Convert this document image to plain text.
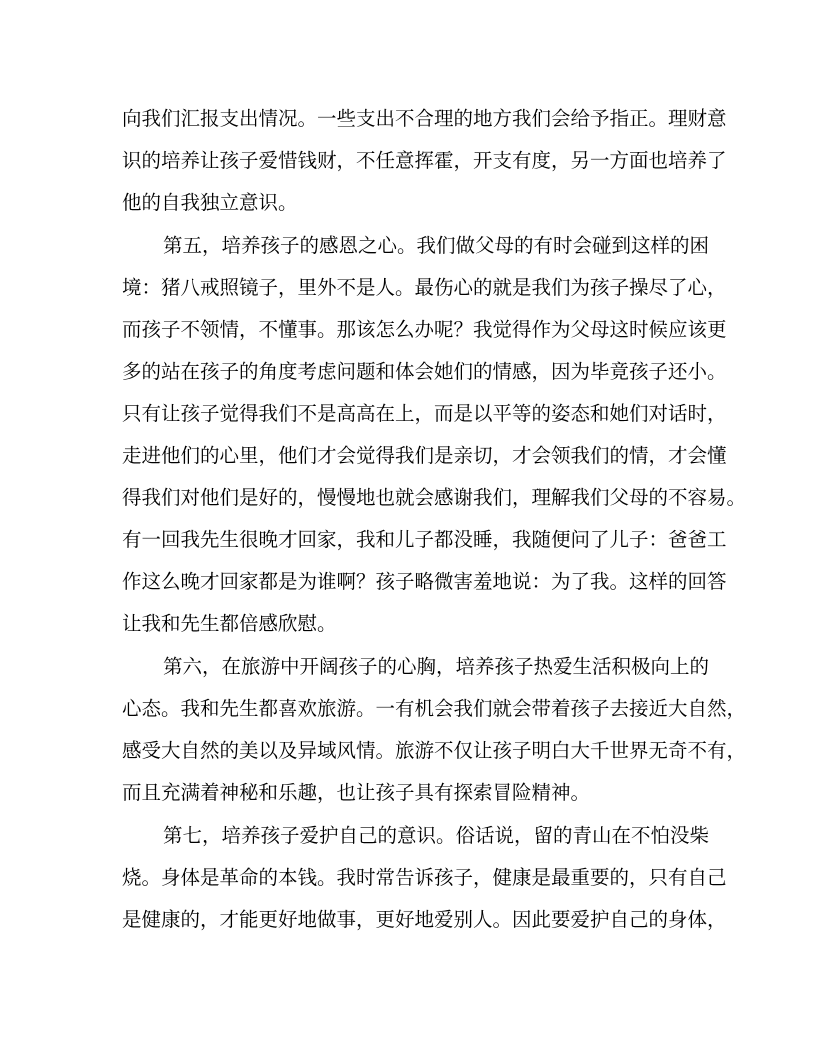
向我们汇报支出情况。一些支出不合理的地方我们会给予指正。理财意
识的培养让孩子爱惜钱财，不任意挥霍，开支有度，另一方面也培养了
他的自我独立意识。
第五，培养孩子的感恩之心。我们做父母的有时会碰到这样的困
境：猪八戒照镜子，里外不是人。最伤心的就是我们为孩子操尽了心，
而孩子不领情，不懂事。那该怎么办呢？我觉得作为父母这时候应该更
多的站在孩子的角度考虑问题和体会她们的情感，因为毕竟孩子还小。
只有让孩子觉得我们不是高高在上，而是以平等的姿态和她们对话时，
走进他们的心里，他们才会觉得我们是亲切，才会领我们的情，才会懂
得我们对他们是好的，慢慢地也就会感谢我们，理解我们父母的不容易。
有一回我先生很晚才回家，我和儿子都没睡，我随便问了儿子：爸爸工
作这么晚才回家都是为谁啊？孩子略微害羞地说：为了我。这样的回答
让我和先生都倍感欣慰。
第六，在旅游中开阔孩子的心胸，培养孩子热爱生活积极向上的
心态。我和先生都喜欢旅游。一有机会我们就会带着孩子去接近大自然，
感受大自然的美以及异域风情。旅游不仅让孩子明白大千世界无奇不有，
而且充满着神秘和乐趣，也让孩子具有探索冒险精神。
第七，培养孩子爱护自己的意识。俗话说，留的青山在不怕没柴
烧。身体是革命的本钱。我时常告诉孩子，健康是最重要的，只有自己
是健康的，才能更好地做事，更好地爱别人。因此要爱护自己的身体，
